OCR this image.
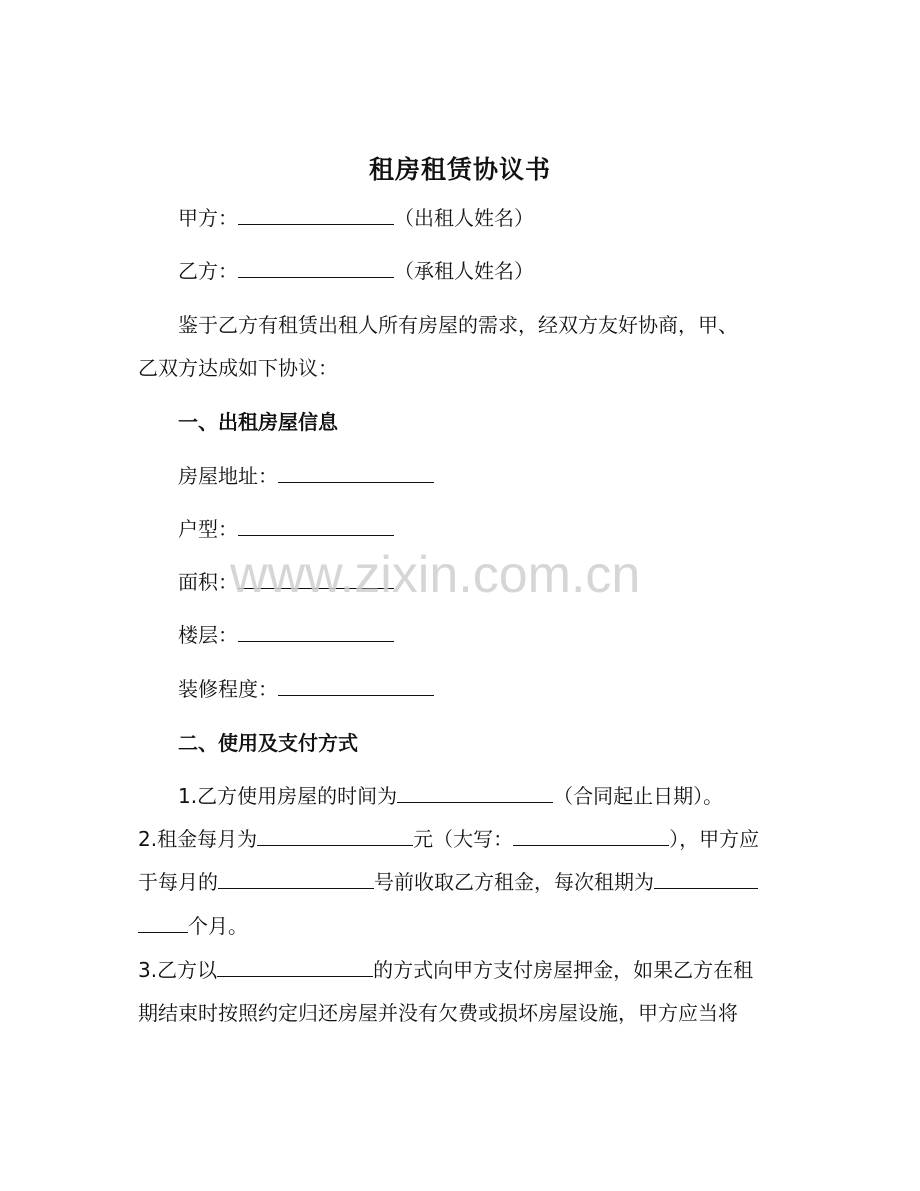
租房租赁协议书
甲方：	（出租人姓名）
乙方：	（承租人姓名）
鉴于乙方有租赁出租人所有房屋的需求，经双方友好协商，甲、
乙双方达成如下协议：
一、出租房屋信息
房屋地址：
户型：
面积：
楼层：
装修程度：
二、使用及支付方式
1.乙方使用房屋的时间为	（合同起止日期）。
2.租金每月为	元（大写：	），甲方应
于每月的	号前收取乙方租金，每次租期为
个月。
3.乙方以	的方式向甲方支付房屋押金，如果乙方在租
期结束时按照约定归还房屋并没有欠费或损坏房屋设施，甲方应当将
www.zixin.com.cn
